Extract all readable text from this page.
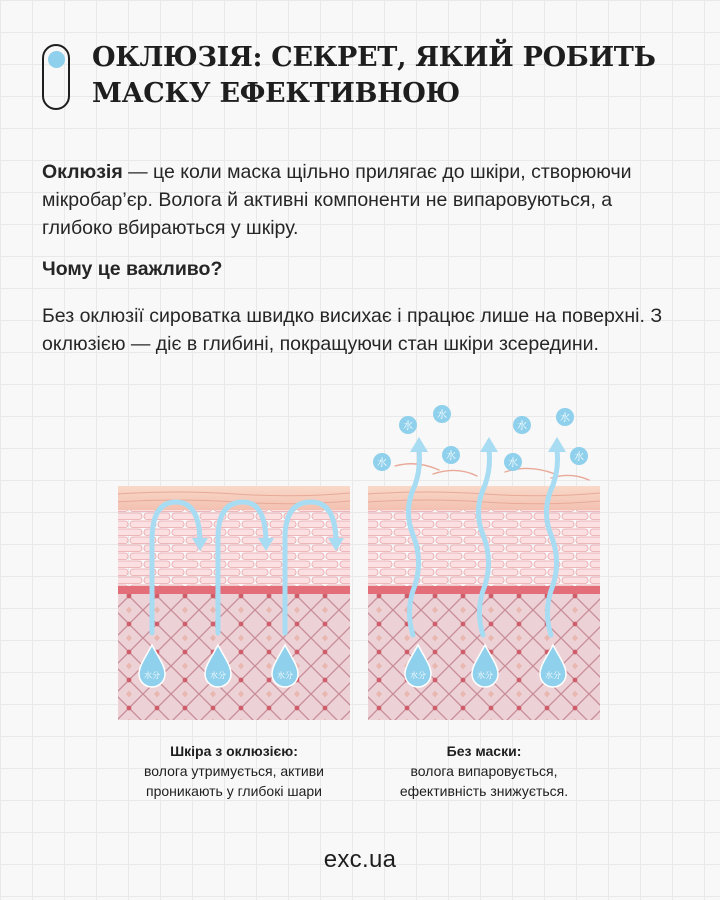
ОКЛЮЗІЯ: СЕКРЕТ, ЯКИЙ РОБИТЬ МАСКУ ЕФЕКТИВНОЮ

Оклюзія — це коли маска щільно прилягає до шкіри, створюючи мікробар’єр. Волога й активні компоненти не випаровуються, а глибоко вбираються у шкіру.

Чому це важливо?

Без оклюзії сироватка швидко висихає і працює лише на поверхні. З оклюзією — діє в глибині, покращуючи стан шкіри зсередини.

水分	水分	水分
水
水
水
水
水
水
水
水
水分	水分	水分
Шкіра з оклюзією:
волога утримується, активи
проникають у глибокі шари
Без маски:
волога випаровується,
ефективність знижується.
exc.ua
